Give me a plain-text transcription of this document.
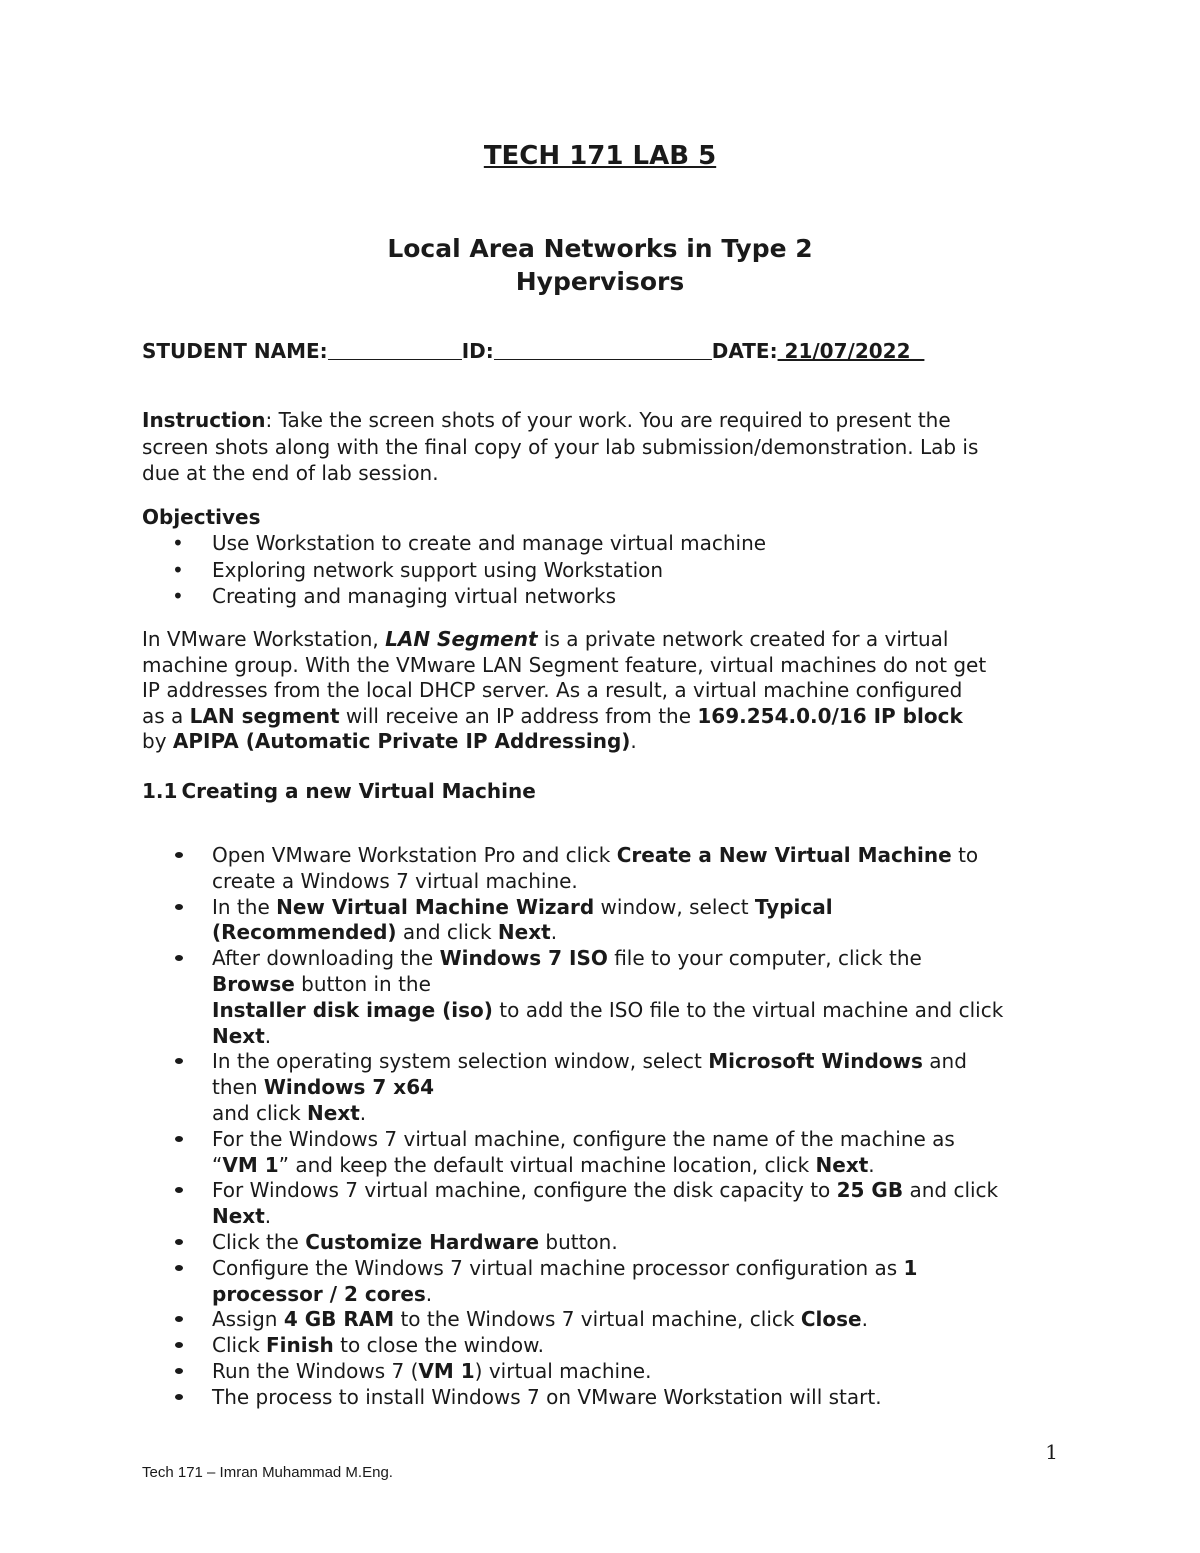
TECH 171 LAB 5
Local Area Networks in Type 2
Hypervisors
STUDENT NAME:	ID:	DATE: 21/07/2022
Instruction: Take the screen shots of your work. You are required to present the
screen shots along with the final copy of your lab submission/demonstration. Lab is
due at the end of lab session.
Objectives
• Use Workstation to create and manage virtual machine
• Exploring network support using Workstation
• Creating and managing virtual networks
In VMware Workstation, LAN Segment is a private network created for a virtual
machine group. With the VMware LAN Segment feature, virtual machines do not get
IP addresses from the local DHCP server. As a result, a virtual machine configured
as a LAN segment will receive an IP address from the 169.254.0.0/16 IP block
by APIPA (Automatic Private IP Addressing).
1.1 Creating a new Virtual Machine
Open VMware Workstation Pro and click Create a New Virtual Machine to
create a Windows 7 virtual machine.
In the New Virtual Machine Wizard window, select Typical
(Recommended) and click Next.
After downloading the Windows 7 ISO file to your computer, click the
Browse button in the
Installer disk image (iso) to add the ISO file to the virtual machine and click
Next.
In the operating system selection window, select Microsoft Windows and
then Windows 7 x64
and click Next.
For the Windows 7 virtual machine, configure the name of the machine as
“VM 1” and keep the default virtual machine location, click Next.
For Windows 7 virtual machine, configure the disk capacity to 25 GB and click
Next.
Click the Customize Hardware button.
Configure the Windows 7 virtual machine processor configuration as 1
processor / 2 cores.
Assign 4 GB RAM to the Windows 7 virtual machine, click Close.
Click Finish to close the window.
Run the Windows 7 (VM 1) virtual machine.
The process to install Windows 7 on VMware Workstation will start.
1
Tech 171 – Imran Muhammad M.Eng.
